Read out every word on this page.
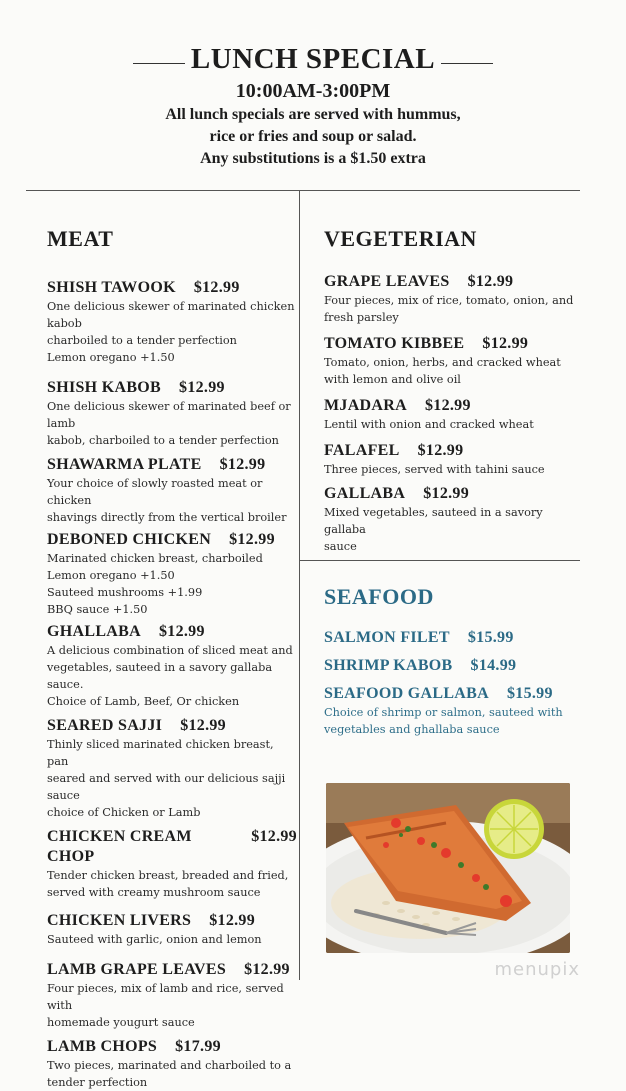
LUNCH SPECIAL
10:00AM-3:00PM
All lunch specials are served with hummus,
rice or fries and soup or salad.
Any substitutions is a $1.50 extra
MEAT
SHISH TAWOOK $12.99
One delicious skewer of marinated chicken kabob
charboiled to a tender perfection
Lemon oregano +1.50
SHISH KABOB $12.99
One delicious skewer of marinated beef or lamb
kabob, charboiled to a tender perfection
SHAWARMA PLATE $12.99
Your choice of slowly roasted meat or chicken
shavings directly from the vertical broiler
DEBONED CHICKEN $12.99
Marinated chicken breast, charboiled
Lemon oregano +1.50
Sauteed mushrooms +1.99
BBQ sauce +1.50
GHALLABA $12.99
A delicious combination of sliced meat and
vegetables, sauteed in a savory gallaba sauce.
Choice of Lamb, Beef, Or chicken
SEARED SAJJI $12.99
Thinly sliced marinated chicken breast, pan
seared and served with our delicious sajji sauce
choice of Chicken or Lamb
CHICKEN CREAM CHOP
$12.99
Tender chicken breast, breaded and fried,
served with creamy mushroom sauce
CHICKEN LIVERS $12.99
Sauteed with garlic, onion and lemon
LAMB GRAPE LEAVES $12.99
Four pieces, mix of lamb and rice, served with
homemade yougurt sauce
LAMB CHOPS $17.99
Two pieces, marinated and charboiled to a
tender perfection
VEGETERIAN
GRAPE LEAVES $12.99
Four pieces, mix of rice, tomato, onion, and
fresh parsley
TOMATO KIBBEE $12.99
Tomato, onion, herbs, and cracked wheat
with lemon and olive oil
MJADARA $12.99
Lentil with onion and cracked wheat
FALAFEL $12.99
Three pieces, served with tahini sauce
GALLABA $12.99
Mixed vegetables, sauteed in a savory gallaba
sauce
SEAFOOD
SALMON FILET $15.99
SHRIMP KABOB $14.99
SEAFOOD GALLABA $15.99
Choice of shrimp or salmon, sauteed with
vegetables and ghallaba sauce
menupix
